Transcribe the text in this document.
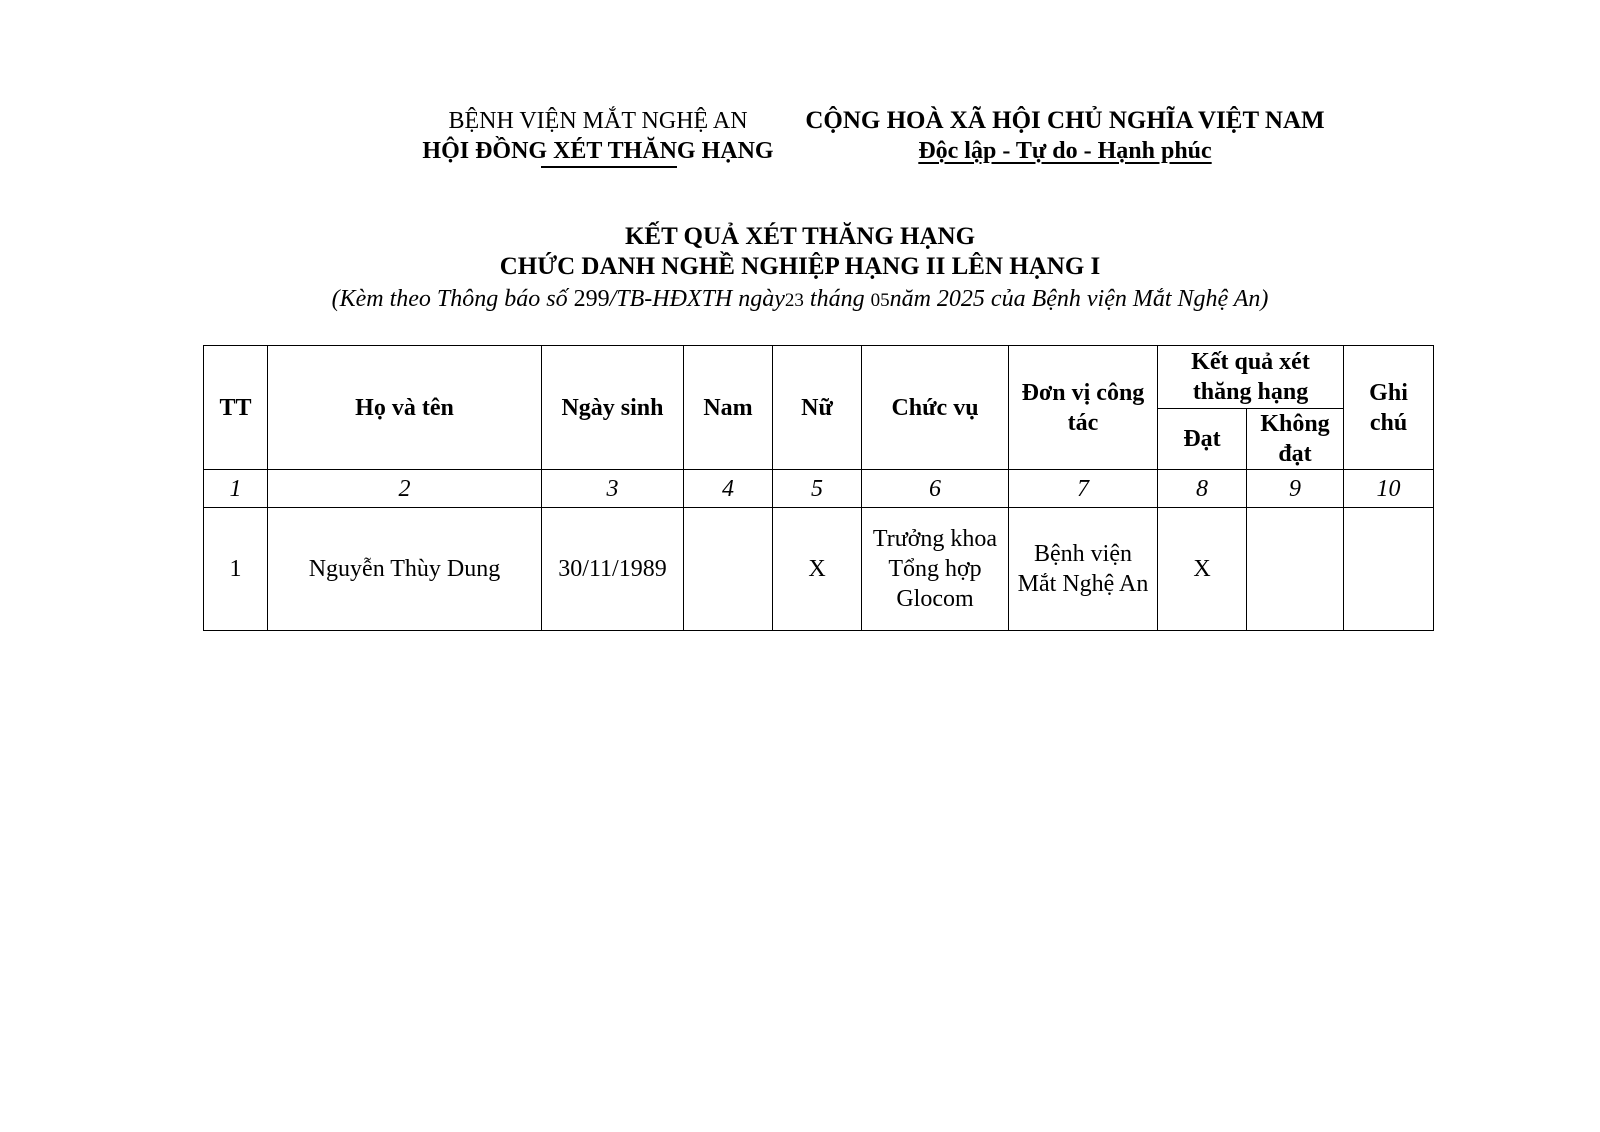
BỆNH VIỆN MẮT NGHỆ AN
HỘI ĐỒNG XÉT THĂNG HẠNG
CỘNG HOÀ XÃ HỘI CHỦ NGHĨA VIỆT NAM
Độc lập - Tự do - Hạnh phúc
KẾT QUẢ XÉT THĂNG HẠNG
CHỨC DANH NGHỀ NGHIỆP HẠNG II LÊN HẠNG I
(Kèm theo Thông báo số 299/TB-HĐXTH ngày23 tháng 05năm 2025 của Bệnh viện Mắt Nghệ An)
TT	Họ và tên	Ngày sinh	Nam	Nữ	Chức vụ	Đơn vị công tác	Kết quả xét thăng hạng		Ghi chú
							Đạt	Không đạt	
1	2	3	4	5	6	7	8	9	10
1	Nguyễn Thùy Dung	30/11/1989		X	Trưởng khoa Tổng hợp Glocom	Bệnh viện Mắt Nghệ An	X		
